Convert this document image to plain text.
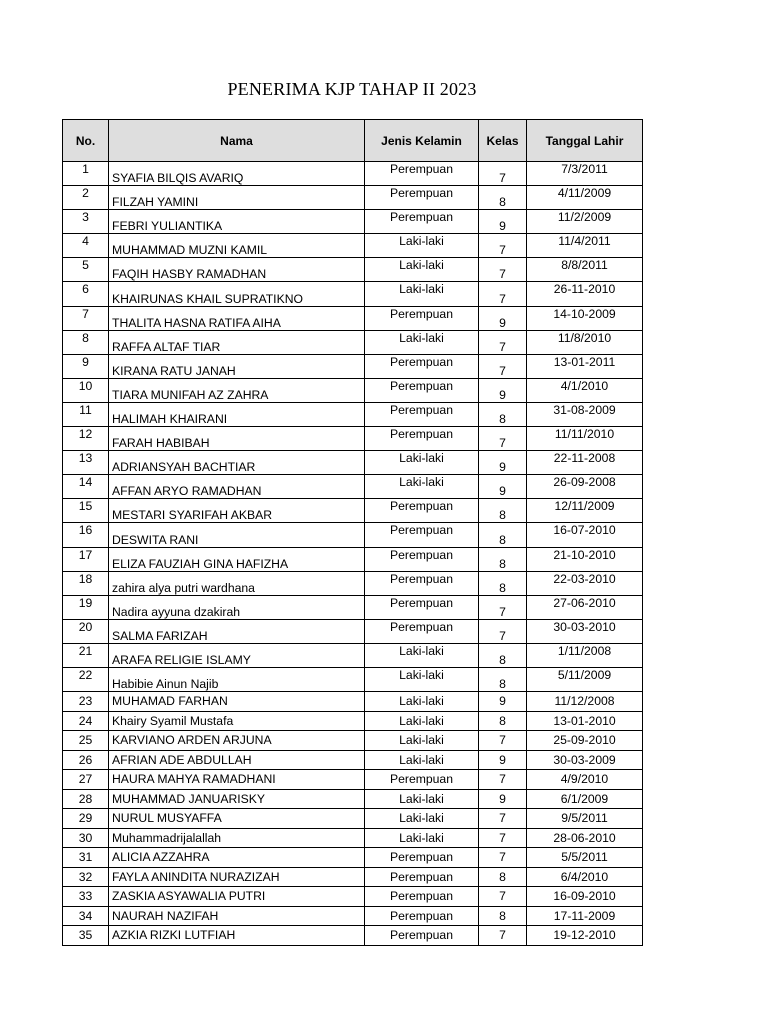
PENERIMA KJP TAHAP II 2023
No.	Nama	Jenis Kelamin	Kelas	Tanggal Lahir
1	SYAFIA BILQIS AVARIQ	Perempuan	7	7/3/2011
2	FILZAH YAMINI	Perempuan	8	4/11/2009
3	FEBRI YULIANTIKA	Perempuan	9	11/2/2009
4	MUHAMMAD MUZNI KAMIL	Laki-laki	7	11/4/2011
5	FAQIH HASBY RAMADHAN	Laki-laki	7	8/8/2011
6	KHAIRUNAS KHAIL SUPRATIKNO	Laki-laki	7	26-11-2010
7	THALITA HASNA RATIFA AIHA	Perempuan	9	14-10-2009
8	RAFFA ALTAF TIAR	Laki-laki	7	11/8/2010
9	KIRANA RATU JANAH	Perempuan	7	13-01-2011
10	TIARA MUNIFAH AZ ZAHRA	Perempuan	9	4/1/2010
11	HALIMAH KHAIRANI	Perempuan	8	31-08-2009
12	FARAH HABIBAH	Perempuan	7	11/11/2010
13	ADRIANSYAH BACHTIAR	Laki-laki	9	22-11-2008
14	AFFAN ARYO RAMADHAN	Laki-laki	9	26-09-2008
15	MESTARI SYARIFAH AKBAR	Perempuan	8	12/11/2009
16	DESWITA RANI	Perempuan	8	16-07-2010
17	ELIZA FAUZIAH GINA HAFIZHA	Perempuan	8	21-10-2010
18	zahira alya putri wardhana	Perempuan	8	22-03-2010
19	Nadira ayyuna dzakirah	Perempuan	7	27-06-2010
20	SALMA FARIZAH	Perempuan	7	30-03-2010
21	ARAFA RELIGIE ISLAMY	Laki-laki	8	1/11/2008
22	Habibie Ainun Najib	Laki-laki	8	5/11/2009
23	MUHAMAD FARHAN	Laki-laki	9	11/12/2008
24	Khairy Syamil Mustafa	Laki-laki	8	13-01-2010
25	KARVIANO ARDEN ARJUNA	Laki-laki	7	25-09-2010
26	AFRIAN ADE ABDULLAH	Laki-laki	9	30-03-2009
27	HAURA MAHYA RAMADHANI	Perempuan	7	4/9/2010
28	MUHAMMAD JANUARISKY	Laki-laki	9	6/1/2009
29	NURUL MUSYAFFA	Laki-laki	7	9/5/2011
30	Muhammadrijalallah	Laki-laki	7	28-06-2010
31	ALICIA AZZAHRA	Perempuan	7	5/5/2011
32	FAYLA ANINDITA NURAZIZAH	Perempuan	8	6/4/2010
33	ZASKIA ASYAWALIA PUTRI	Perempuan	7	16-09-2010
34	NAURAH NAZIFAH	Perempuan	8	17-11-2009
35	AZKIA RIZKI LUTFIAH	Perempuan	7	19-12-2010
